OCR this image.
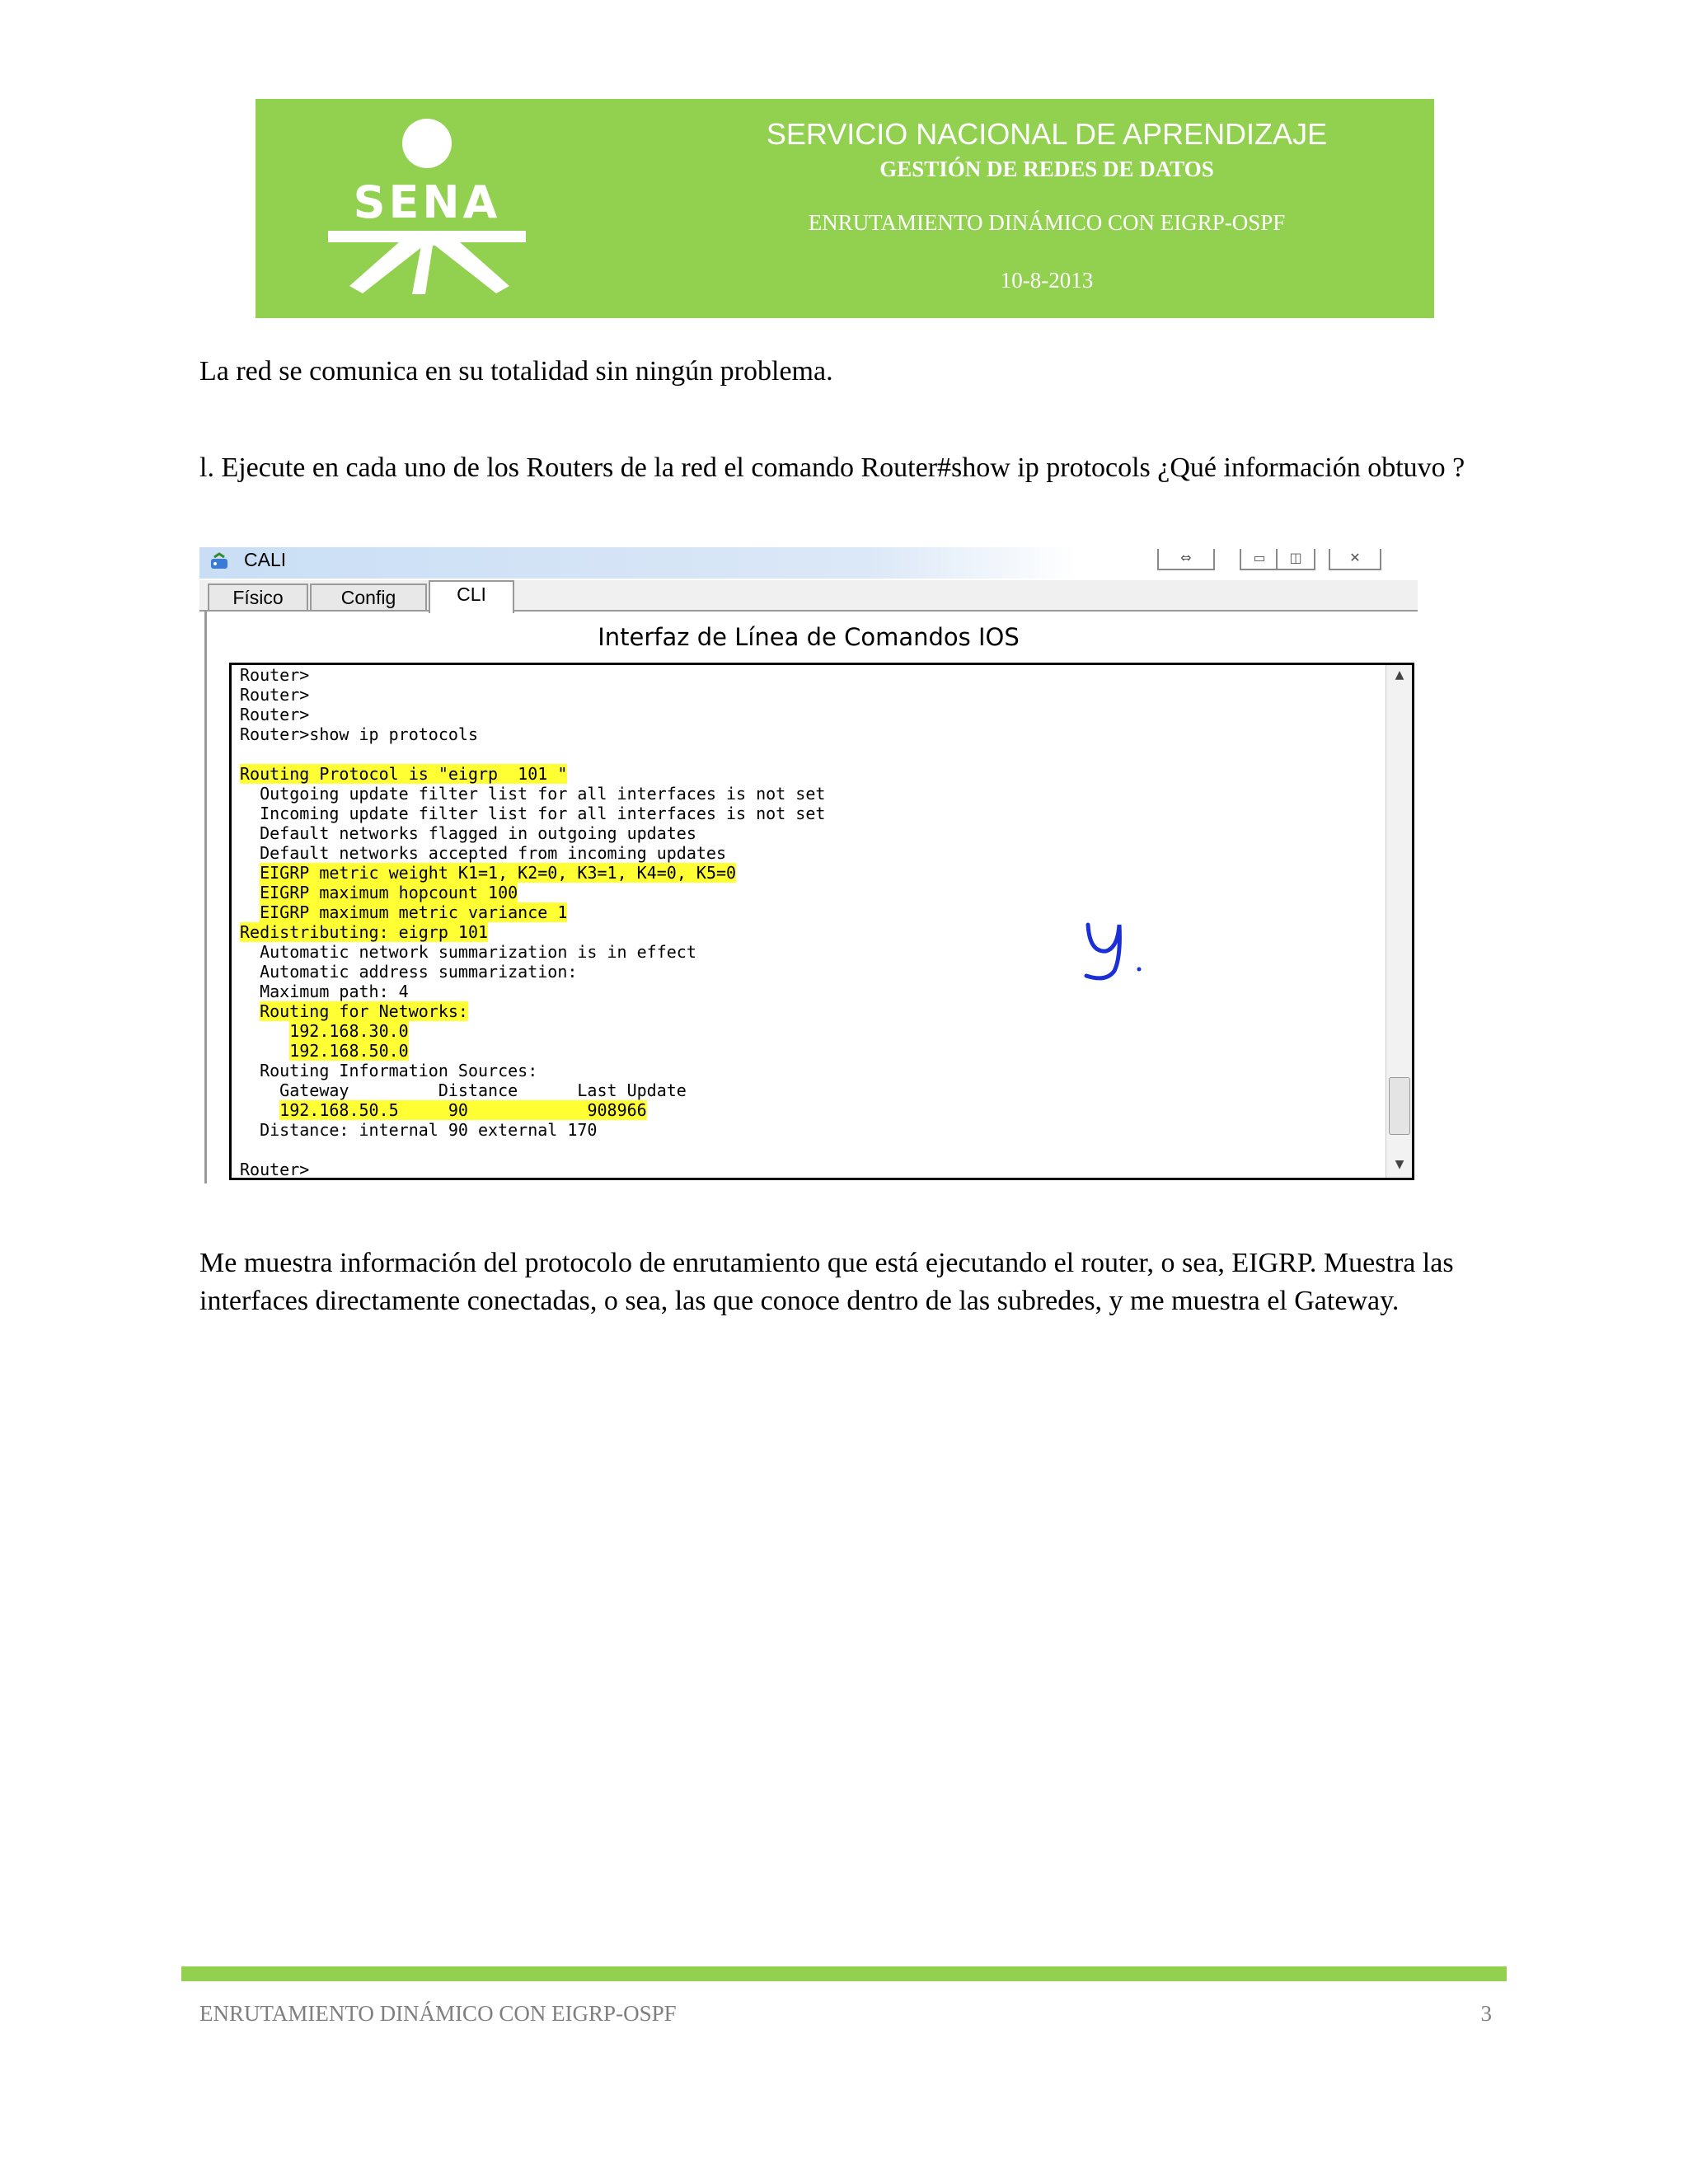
SENA
SERVICIO NACIONAL DE APRENDIZAJE
GESTIÓN DE REDES DE DATOS
ENRUTAMIENTO DINÁMICO CON EIGRP-OSPF
10-8-2013
La red se comunica en su totalidad sin ningún problema.
l. Ejecute en cada uno de los Routers de la red el comando Router#show ip protocols ¿Qué información obtuvo ?
CALI	⇔	▭	◫	✕
Físico	Config	CLI
Interfaz de Línea de Comandos IOS
Router>
Router>
Router>
Router>show ip protocols
Routing Protocol is "eigrp  101 "
Outgoing update filter list for all interfaces is not set
Incoming update filter list for all interfaces is not set
Default networks flagged in outgoing updates
Default networks accepted from incoming updates
EIGRP metric weight K1=1, K2=0, K3=1, K4=0, K5=0
EIGRP maximum hopcount 100
EIGRP maximum metric variance 1
Redistributing: eigrp 101
Automatic network summarization is in effect
Automatic address summarization:
Maximum path: 4
Routing for Networks:
192.168.30.0
192.168.50.0
Routing Information Sources:
Gateway         Distance      Last Update
192.168.50.5     90            908966
Distance: internal 90 external 170
Router>
▲
▼
Me muestra información del protocolo de enrutamiento que está ejecutando el router, o sea, EIGRP. Muestra las interfaces directamente conectadas, o sea, las que conoce dentro de las subredes, y me muestra el Gateway.
ENRUTAMIENTO DINÁMICO CON EIGRP-OSPF	3
